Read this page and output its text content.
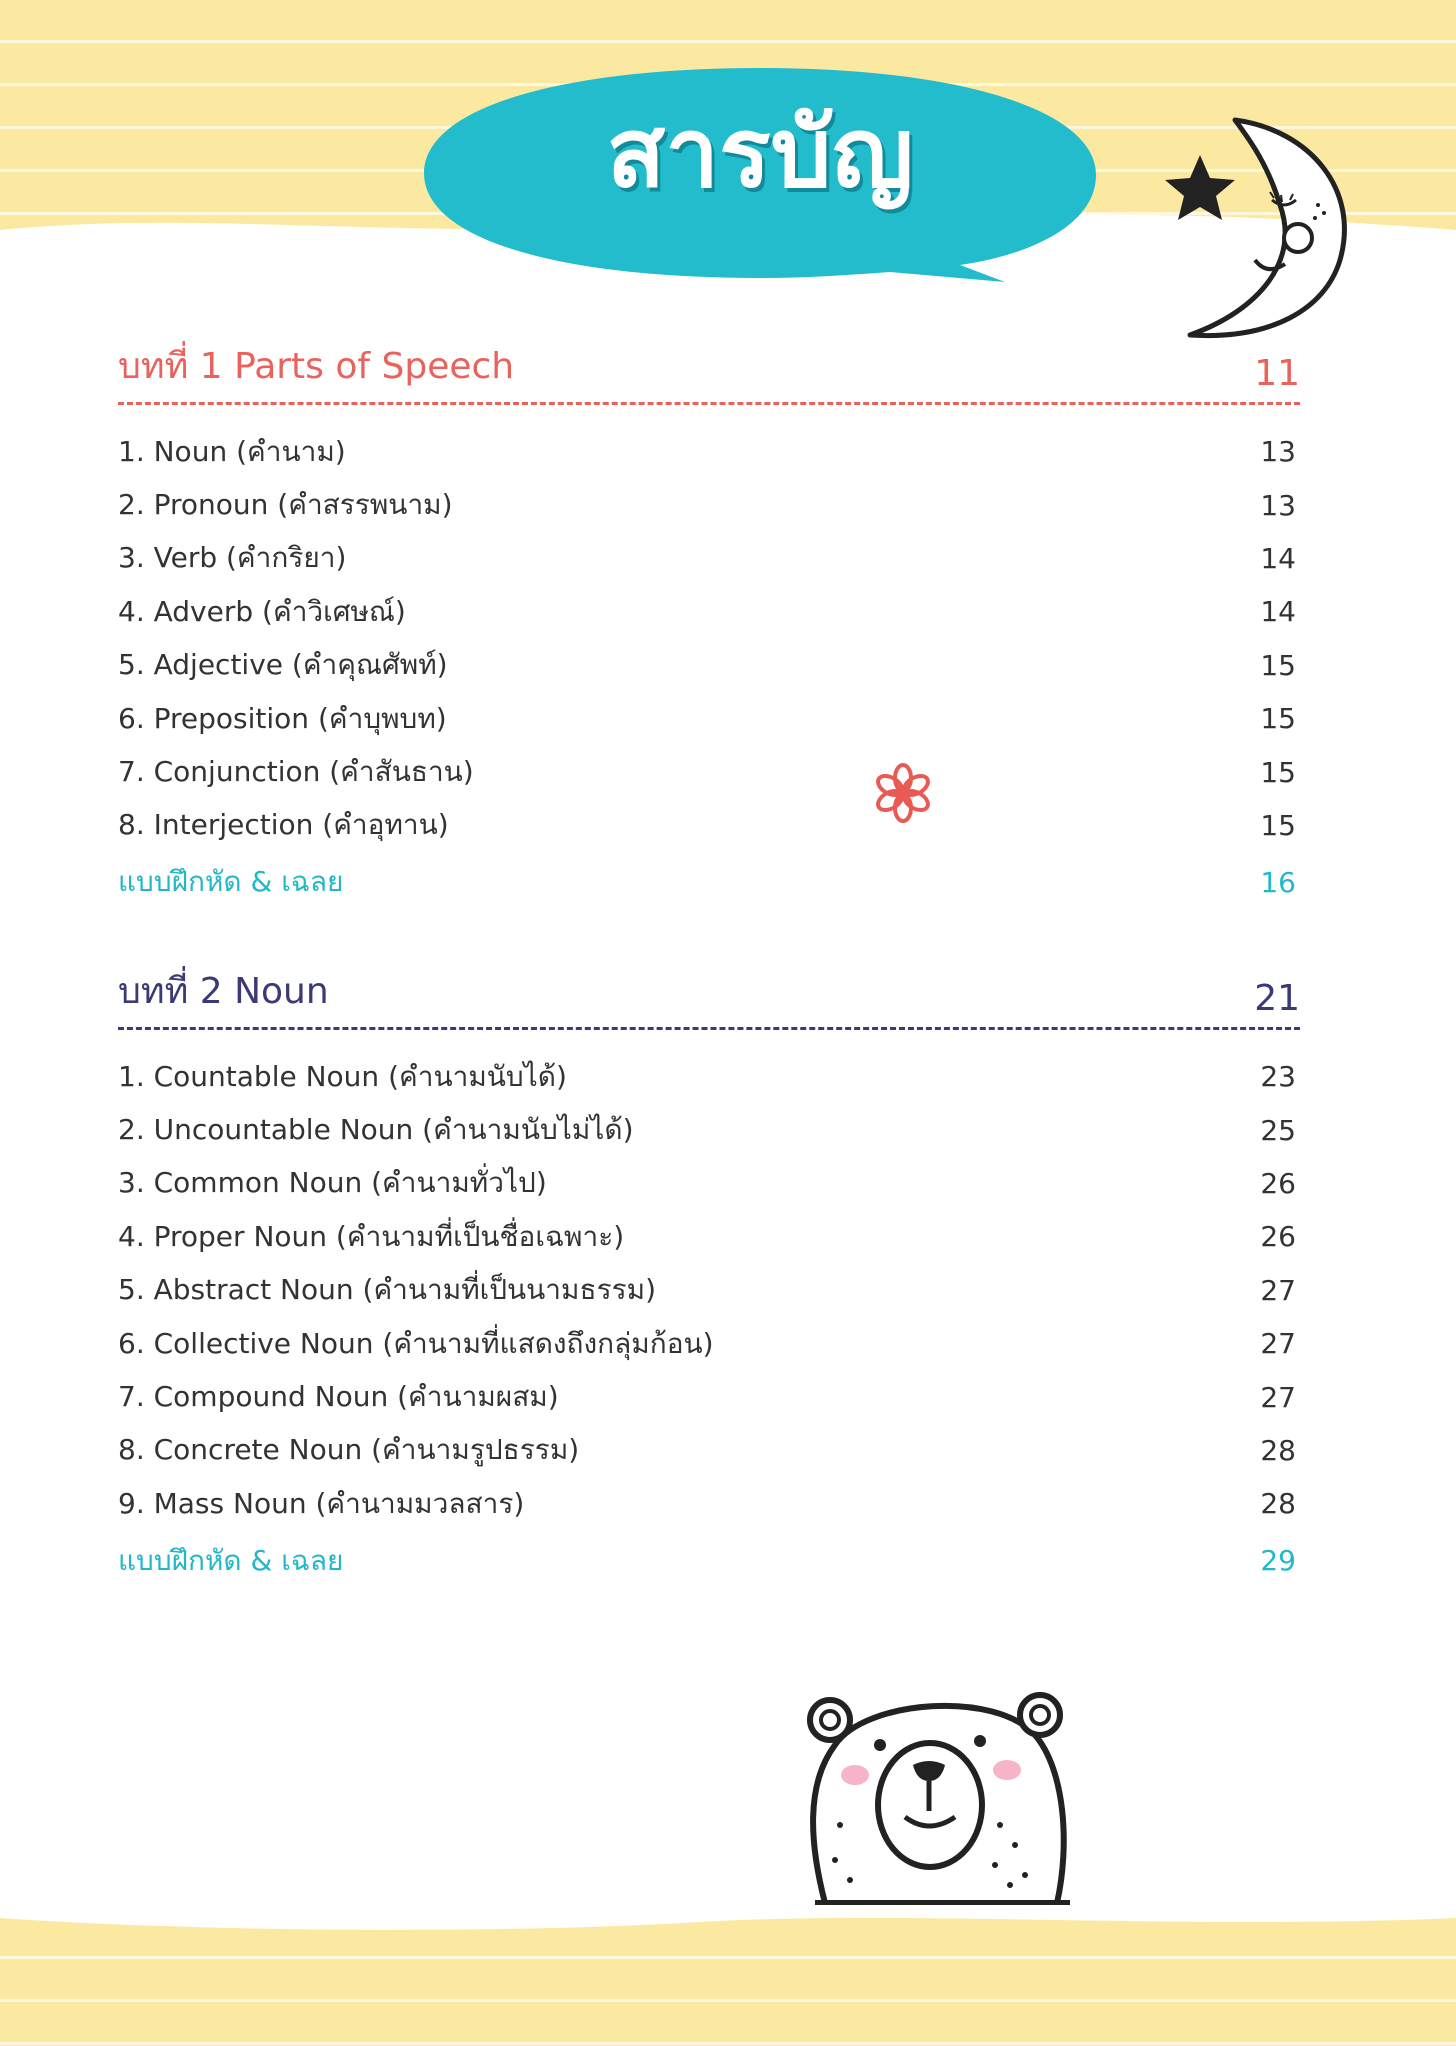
สารบัญ
บทที่ 1 Parts of Speech	11
1. Noun (คำนาม)	13
2. Pronoun (คำสรรพนาม)	13
3. Verb (คำกริยา)	14
4. Adverb (คำวิเศษณ์)	14
5. Adjective (คำคุณศัพท์)	15
6. Preposition (คำบุพบท)	15
7. Conjunction (คำสันธาน)	15
8. Interjection (คำอุทาน)	15
แบบฝึกหัด & เฉลย	16
บทที่ 2 Noun	21
1. Countable Noun (คำนามนับได้)	23
2. Uncountable Noun (คำนามนับไม่ได้)	25
3. Common Noun (คำนามทั่วไป)	26
4. Proper Noun (คำนามที่เป็นชื่อเฉพาะ)	26
5. Abstract Noun (คำนามที่เป็นนามธรรม)	27
6. Collective Noun (คำนามที่แสดงถึงกลุ่มก้อน)	27
7. Compound Noun (คำนามผสม)	27
8. Concrete Noun (คำนามรูปธรรม)	28
9. Mass Noun (คำนามมวลสาร)	28
แบบฝึกหัด & เฉลย	29
